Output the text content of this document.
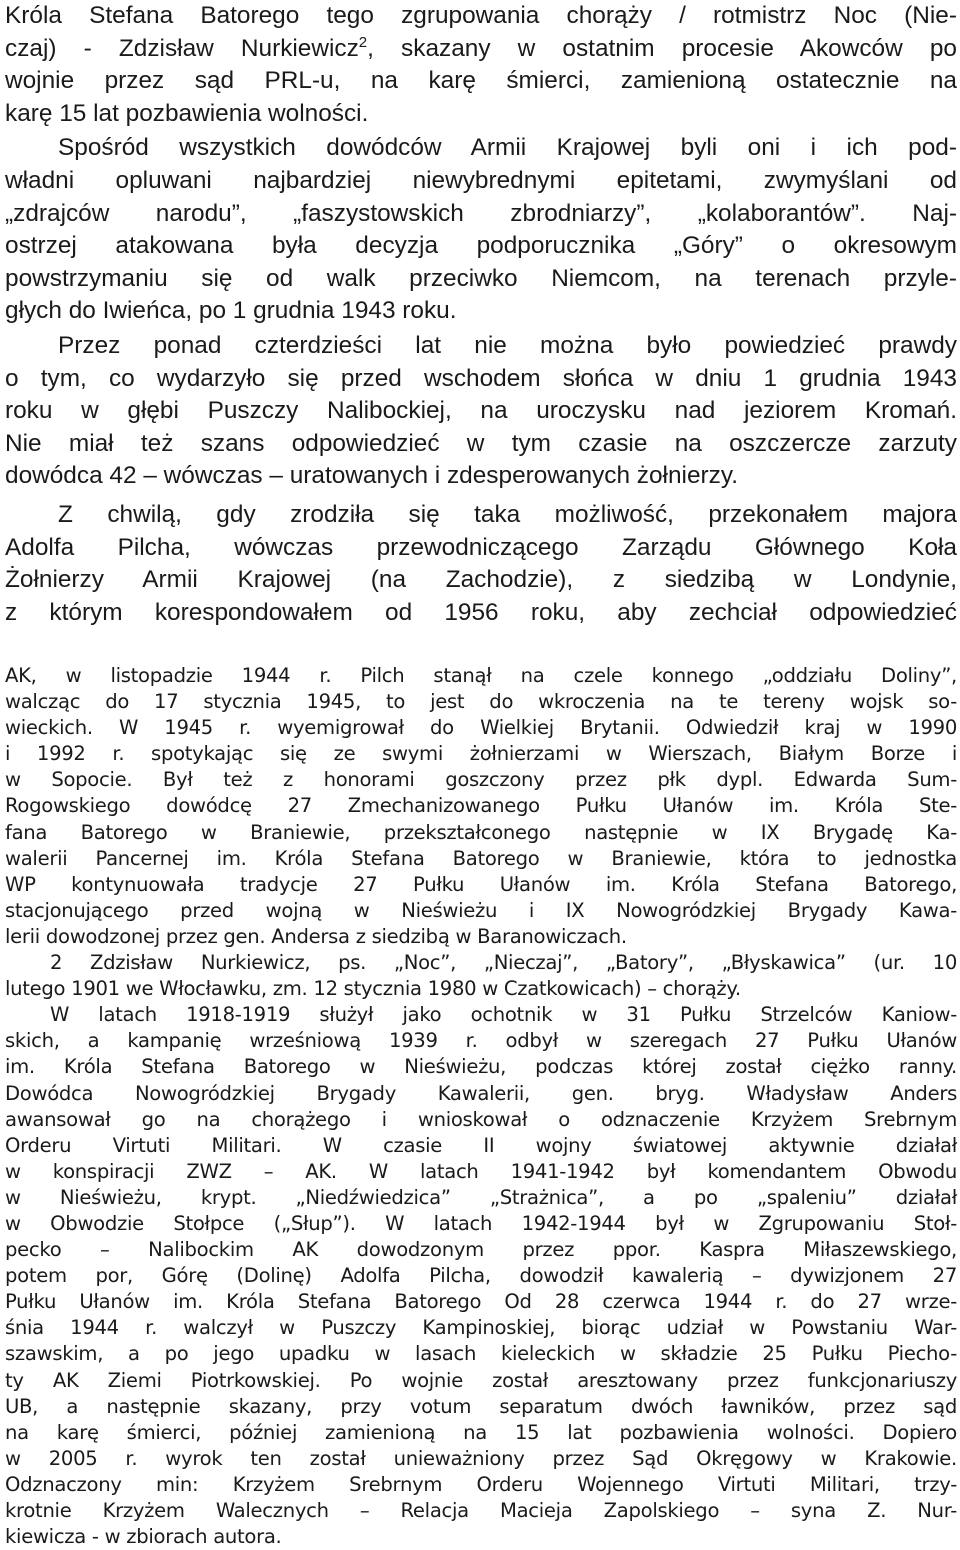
Króla Stefana Batorego tego zgrupowania chorąży / rotmistrz Noc (Nie-
czaj) - Zdzisław Nurkiewicz$^2$, skazany w ostatnim procesie Akowców po
wojnie przez sąd PRL-u, na karę śmierci, zamienioną ostatecznie na
karę 15 lat pozbawienia wolności.
Spośród wszystkich dowódców Armii Krajowej byli oni i ich pod-
władni opluwani najbardziej niewybrednymi epitetami, zwymyślani od
„zdrajców narodu”, „faszystowskich zbrodniarzy”, „kolaborantów”. Naj-
ostrzej atakowana była decyzja podporucznika „Góry” o okresowym
powstrzymaniu się od walk przeciwko Niemcom, na terenach przyle-
głych do Iwieńca, po 1 grudnia 1943 roku.
Przez ponad czterdzieści lat nie można było powiedzieć prawdy
o tym, co wydarzyło się przed wschodem słońca w dniu 1 grudnia 1943
roku w głębi Puszczy Nalibockiej, na uroczysku nad jeziorem Kromań.
Nie miał też szans odpowiedzieć w tym czasie na oszczercze zarzuty
dowódca 42 – wówczas – uratowanych i zdesperowanych żołnierzy.
Z chwilą, gdy zrodziła się taka możliwość, przekonałem majora
Adolfa Pilcha, wówczas przewodniczącego Zarządu Głównego Koła
Żołnierzy Armii Krajowej (na Zachodzie), z siedzibą w Londynie,
z którym korespondowałem od 1956 roku, aby zechciał odpowiedzieć
AK, w listopadzie 1944 r. Pilch stanął na czele konnego „oddziału Doliny”,
walcząc do 17 stycznia 1945, to jest do wkroczenia na te tereny wojsk so-
wieckich. W 1945 r. wyemigrował do Wielkiej Brytanii. Odwiedził kraj w 1990
i 1992 r. spotykając się ze swymi żołnierzami w Wierszach, Białym Borze i
w Sopocie. Był też z honorami goszczony przez płk dypl. Edwarda Sum-
Rogowskiego dowódcę 27 Zmechanizowanego Pułku Ułanów im. Króla Ste-
fana Batorego w Braniewie, przekształconego następnie w IX Brygadę Ka-
walerii Pancernej im. Króla Stefana Batorego w Braniewie, która to jednostka
WP kontynuowała tradycje 27 Pułku Ułanów im. Króla Stefana Batorego,
stacjonującego przed wojną w Nieświeżu i IX Nowogródzkiej Brygady Kawa-
lerii dowodzonej przez gen. Andersa z siedzibą w Baranowiczach.
2 Zdzisław Nurkiewicz, ps. „Noc”, „Nieczaj”, „Batory”, „Błyskawica” (ur. 10
lutego 1901 we Włocławku, zm. 12 stycznia 1980 w Czatkowicach) – chorąży.
W latach 1918-1919 służył jako ochotnik w 31 Pułku Strzelców Kaniow-
skich, a kampanię wrześniową 1939 r. odbył w szeregach 27 Pułku Ułanów
im. Króla Stefana Batorego w Nieświeżu, podczas której został ciężko ranny.
Dowódca Nowogródzkiej Brygady Kawalerii, gen. bryg. Władysław Anders
awansował go na chorążego i wnioskował o odznaczenie Krzyżem Srebrnym
Orderu Virtuti Militari. W czasie II wojny światowej aktywnie działał
w konspiracji ZWZ – AK. W latach 1941-1942 był komendantem Obwodu
w Nieświeżu, krypt. „Niedźwiedzica” „Strażnica”, a po „spaleniu” działał
w Obwodzie Stołpce („Słup”). W latach 1942-1944 był w Zgrupowaniu Stoł-
pecko – Nalibockim AK dowodzonym przez ppor. Kaspra Miłaszewskiego,
potem por, Górę (Dolinę) Adolfa Pilcha, dowodził kawalerią – dywizjonem 27
Pułku Ułanów im. Króla Stefana Batorego Od 28 czerwca 1944 r. do 27 wrze-
śnia 1944 r. walczył w Puszczy Kampinoskiej, biorąc udział w Powstaniu War-
szawskim, a po jego upadku w lasach kieleckich w składzie 25 Pułku Piecho-
ty AK Ziemi Piotrkowskiej. Po wojnie został aresztowany przez funkcjonariuszy
UB, a następnie skazany, przy votum separatum dwóch ławników, przez sąd
na karę śmierci, później zamienioną na 15 lat pozbawienia wolności. Dopiero
w 2005 r. wyrok ten został unieważniony przez Sąd Okręgowy w Krakowie.
Odznaczony min: Krzyżem Srebrnym Orderu Wojennego Virtuti Militari, trzy-
krotnie Krzyżem Walecznych – Relacja Macieja Zapolskiego – syna Z. Nur-
kiewicza - w zbiorach autora.
